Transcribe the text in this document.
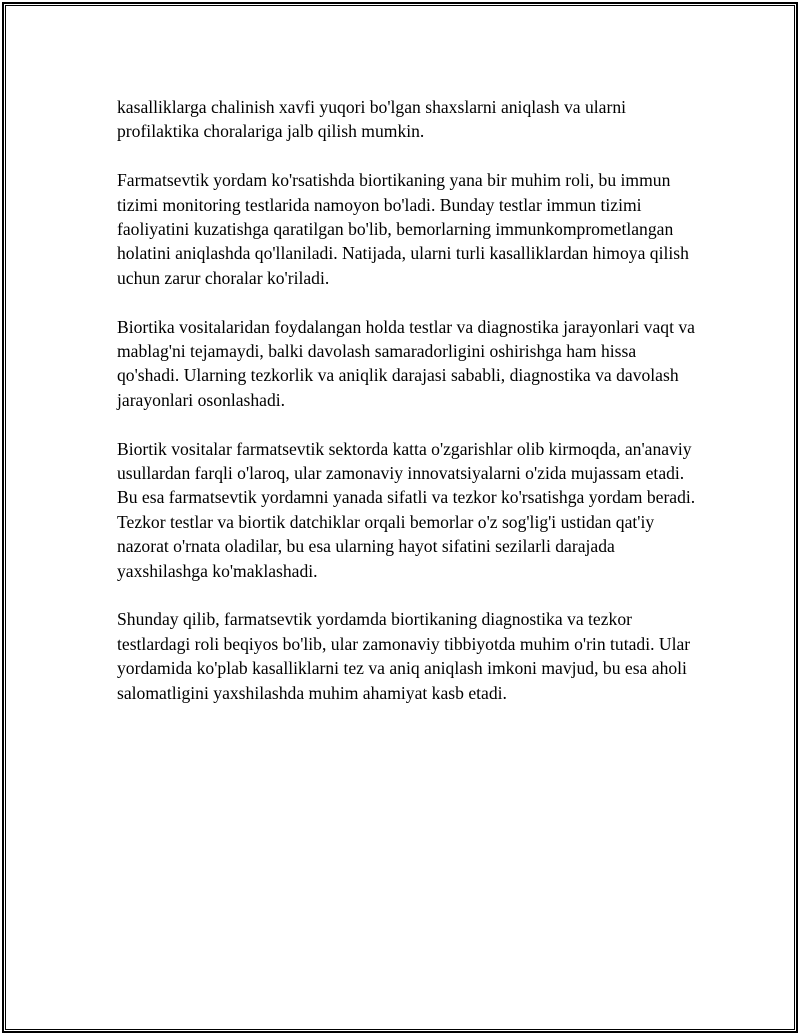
kasalliklarga chalinish xavfi yuqori bo'lgan shaxslarni aniqlash va ularni profilaktika choralariga jalb qilish mumkin.

Farmatsevtik yordam ko'rsatishda biortikaning yana bir muhim roli, bu immun tizimi monitoring testlarida namoyon bo'ladi. Bunday testlar immun tizimi faoliyatini kuzatishga qaratilgan bo'lib, bemorlarning immunkomprometlangan holatini aniqlashda qo'llaniladi. Natijada, ularni turli kasalliklardan himoya qilish uchun zarur choralar ko'riladi.

Biortika vositalaridan foydalangan holda testlar va diagnostika jarayonlari vaqt va mablag'ni tejamaydi, balki davolash samaradorligini oshirishga ham hissa qo'shadi. Ularning tezkorlik va aniqlik darajasi sababli, diagnostika va davolash jarayonlari osonlashadi.

Biortik vositalar farmatsevtik sektorda katta o'zgarishlar olib kirmoqda, an'anaviy usullardan farqli o'laroq, ular zamonaviy innovatsiyalarni o'zida mujassam etadi. Bu esa farmatsevtik yordamni yanada sifatli va tezkor ko'rsatishga yordam beradi. Tezkor testlar va biortik datchiklar orqali bemorlar o'z sog'lig'i ustidan qat'iy nazorat o'rnata oladilar, bu esa ularning hayot sifatini sezilarli darajada yaxshilashga ko'maklashadi.

Shunday qilib, farmatsevtik yordamda biortikaning diagnostika va tezkor testlardagi roli beqiyos bo'lib, ular zamonaviy tibbiyotda muhim o'rin tutadi. Ular yordamida ko'plab kasalliklarni tez va aniq aniqlash imkoni mavjud, bu esa aholi salomatligini yaxshilashda muhim ahamiyat kasb etadi.
